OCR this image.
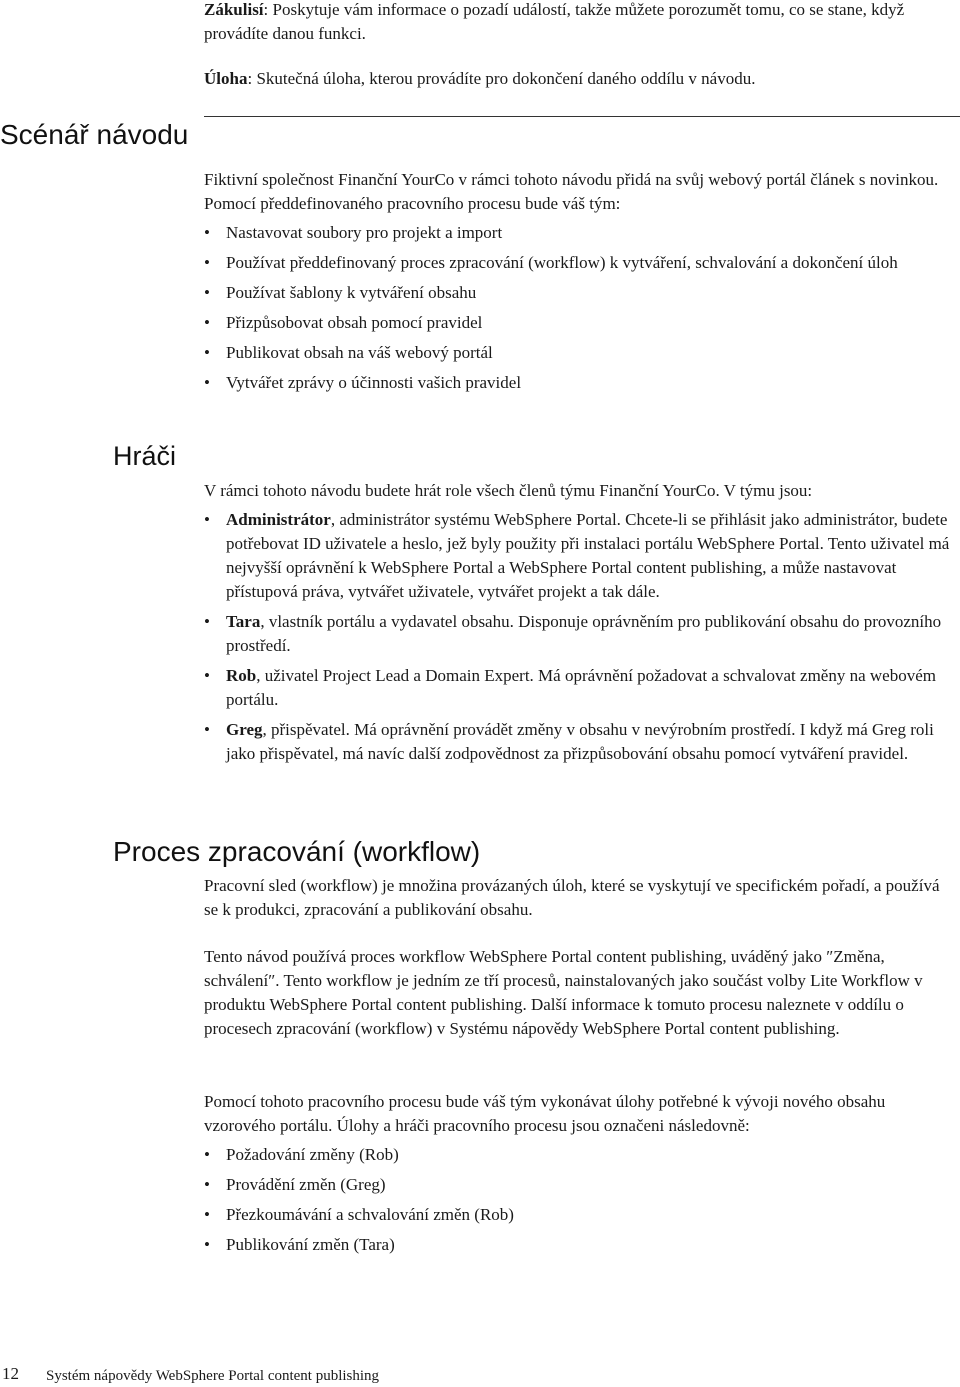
Zákulisí: Poskytuje vám informace o pozadí událostí, takže můžete porozumět tomu, co se stane, když provádíte danou funkci.
Úloha: Skutečná úloha, kterou provádíte pro dokončení daného oddílu v návodu.
Scénář návodu
Fiktivní společnost Finanční YourCo v rámci tohoto návodu přidá na svůj webový portál článek s novinkou. Pomocí předdefinovaného pracovního procesu bude váš tým:
• Nastavovat soubory pro projekt a import
• Používat předdefinovaný proces zpracování (workflow) k vytváření, schvalování a dokončení úloh
• Používat šablony k vytváření obsahu
• Přizpůsobovat obsah pomocí pravidel
• Publikovat obsah na váš webový portál
• Vytvářet zprávy o účinnosti vašich pravidel
Hráči
V rámci tohoto návodu budete hrát role všech členů týmu Finanční YourCo. V týmu jsou:
• Administrátor, administrátor systému WebSphere Portal. Chcete-li se přihlásit jako administrátor, budete potřebovat ID uživatele a heslo, jež byly použity při instalaci portálu WebSphere Portal. Tento uživatel má nejvyšší oprávnění k WebSphere Portal a WebSphere Portal content publishing, a může nastavovat přístupová práva, vytvářet uživatele, vytvářet projekt a tak dále.
• Tara, vlastník portálu a vydavatel obsahu. Disponuje oprávněním pro publikování obsahu do provozního prostředí.
• Rob, uživatel Project Lead a Domain Expert. Má oprávnění požadovat a schvalovat změny na webovém portálu.
• Greg, přispěvatel. Má oprávnění provádět změny v obsahu v nevýrobním prostředí. I když má Greg roli jako přispěvatel, má navíc další zodpovědnost za přizpůsobování obsahu pomocí vytváření pravidel.
Proces zpracování (workflow)
Pracovní sled (workflow) je množina provázaných úloh, které se vyskytují ve specifickém pořadí, a používá se k produkci, zpracování a publikování obsahu.
Tento návod používá proces workflow WebSphere Portal content publishing, uváděný jako ″Změna, schválení″. Tento workflow je jedním ze tří procesů, nainstalovaných jako součást volby Lite Workflow v produktu WebSphere Portal content publishing. Další informace k tomuto procesu naleznete v oddílu o procesech zpracování (workflow) v Systému nápovědy WebSphere Portal content publishing.
Pomocí tohoto pracovního procesu bude váš tým vykonávat úlohy potřebné k vývoji nového obsahu vzorového portálu. Úlohy a hráči pracovního procesu jsou označeni následovně:
• Požadování změny (Rob)
• Provádění změn (Greg)
• Přezkoumávání a schvalování změn (Rob)
• Publikování změn (Tara)
12 Systém nápovědy WebSphere Portal content publishing
